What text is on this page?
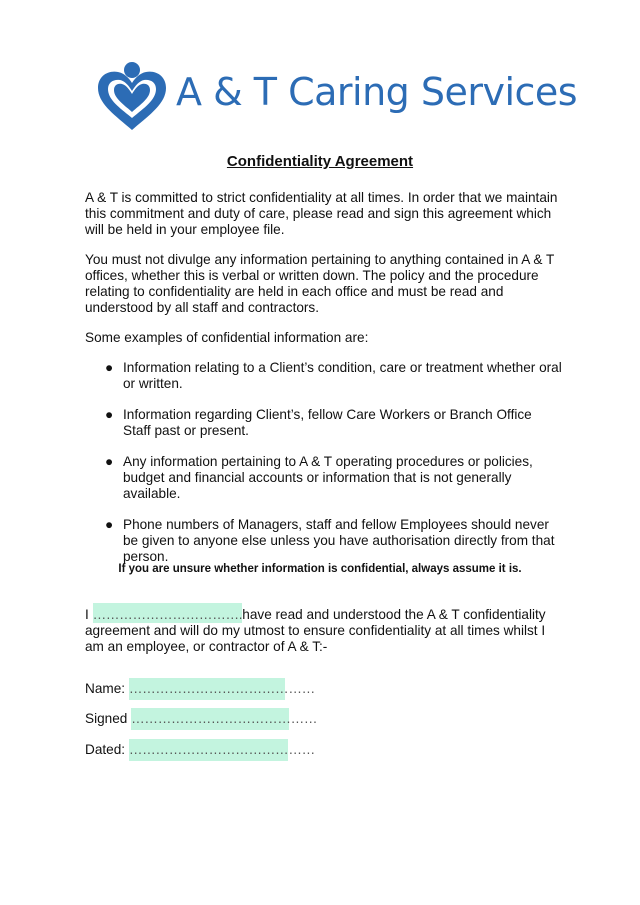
A & T Caring Services
Confidentiality Agreement

A & T is committed to strict confidentiality at all times. In order that we maintain this commitment and duty of care, please read and sign this agreement which will be held in your employee file.

You must not divulge any information pertaining to anything contained in A & T offices, whether this is verbal or written down. The policy and the procedure relating to confidentiality are held in each office and must be read and understood by all staff and contractors.

Some examples of confidential information are:

● Information relating to a Client’s condition, care or treatment whether oral or written.
● Information regarding Client’s, fellow Care Workers or Branch Office Staff past or present.
● Any information pertaining to A & T operating procedures or policies, budget and financial accounts or information that is not generally available.
● Phone numbers of Managers, staff and fellow Employees should never be given to anyone else unless you have authorisation directly from that person.
If you are unsure whether information is confidential, always assume it is.

I …………………………….have read and understood the A & T confidentiality agreement and will do my utmost to ensure confidentiality at all times whilst I am an employee, or contractor of A & T:-

Name: ……………………………………
Signed ……………………………………
Dated: ……………………………………
